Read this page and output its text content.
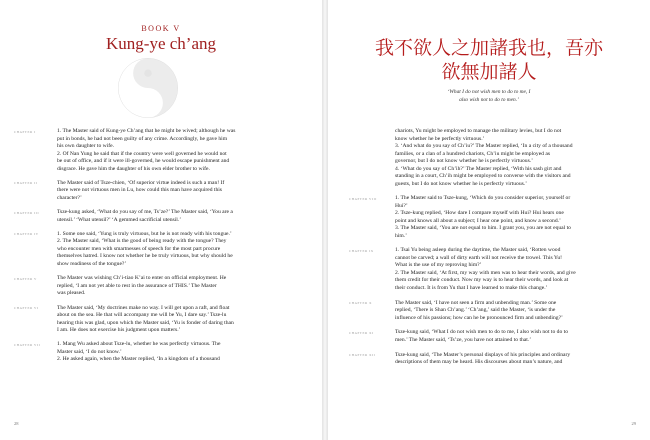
BOOK V
Kung-ye ch’ang
CHAPTER I	1. The Master said of Kung-ye Ch’ang that he might be wived; although he was
put in bonds, he had not been guilty of any crime. Accordingly, he gave him
his own daughter to wife.
2. Of Nan Yung he said that if the country were well governed he would not
be out of office, and if it were ill-governed, he would escape punishment and
disgrace. He gave him the daughter of his own elder brother to wife.
CHAPTER II	The Master said of Tsze-chien, ‘Of superior virtue indeed is such a man! If
there were not virtuous men in Lu, how could this man have acquired this
character?’
CHAPTER III	Tsze-kung asked, ‘What do you say of me, Ts’ze?’ The Master said, ‘You are a
utensil.’ ‘What utensil?’ ‘A gemmed sacrificial utensil.’
CHAPTER IV	1. Some one said, ‘Yung is truly virtuous, but he is not ready with his tongue.’
2. The Master said, ‘What is the good of being ready with the tongue? They
who encounter men with smartnesses of speech for the most part procure
themselves hatred. I know not whether he be truly virtuous, but why should he
show readiness of the tongue?’
CHAPTER V	The Master was wishing Ch’i-tiao K’ai to enter on official employment. He
replied, ‘I am not yet able to rest in the assurance of THIS.’ The Master
was pleased.
CHAPTER VI	The Master said, ‘My doctrines make no way. I will get upon a raft, and float
about on the sea. He that will accompany me will be Yu, I dare say.’ Tsze-lu
hearing this was glad, upon which the Master said, ‘Yu is fonder of daring than
I am. He does not exercise his judgment upon matters.’
CHAPTER VII	1. Mang Wu asked about Tsze-lu, whether he was perfectly virtuous. The
Master said, ‘I do not know.’
2. He asked again, when the Master replied, ‘In a kingdom of a thousand
28
我不欲人之加諸我也，吾亦
欲無加諸人
‘What I do not wish men to do to me, I
also wish not to do to men.’
chariots, Yu might be employed to manage the military levies, but I do not
know whether he be perfectly virtuous.’
3. ‘And what do you say of Ch’iu?’ The Master replied, ‘In a city of a thousand
families, or a clan of a hundred chariots, Ch’iu might be employed as
governor, but I do not know whether he is perfectly virtuous.’
4. ‘What do you say of Ch’ih?’ The Master replied, ‘With his sash girt and
standing in a court, Ch’ih might be employed to converse with the visitors and
guests, but I do not know whether he is perfectly virtuous.’
CHAPTER VIII	1. The Master said to Tsze-kung, ‘Which do you consider superior, yourself or
Hui?’
2. Tsze-kung replied, ‘How dare I compare myself with Hui? Hui hears one
point and knows all about a subject; I hear one point, and know a second.’
3. The Master said, ‘You are not equal to him. I grant you, you are not equal to
him.’
CHAPTER IX	1. Tsai Yu being asleep during the daytime, the Master said, ‘Rotten wood
cannot be carved; a wall of dirty earth will not receive the trowel. This Yu!
What is the use of my reproving him?’
2. The Master said, ‘At first, my way with men was to hear their words, and give
them credit for their conduct. Now my way is to hear their words, and look at
their conduct. It is from Yu that I have learned to make this change.’
CHAPTER X	The Master said, ‘I have not seen a firm and unbending man.’ Some one
replied, ‘There is Shan Ch’ang.’ ‘Ch’ang,’ said the Master, ‘is under the
influence of his passions; how can he be pronounced firm and unbending?’
CHAPTER XI	Tsze-kung said, ‘What I do not wish men to do to me, I also wish not to do to
men.’ The Master said, ‘Ts’ze, you have not attained to that.’
CHAPTER XII	Tsze-kung said, ‘The Master’s personal displays of his principles and ordinary
descriptions of them may be heard. His discourses about man’s nature, and
29
